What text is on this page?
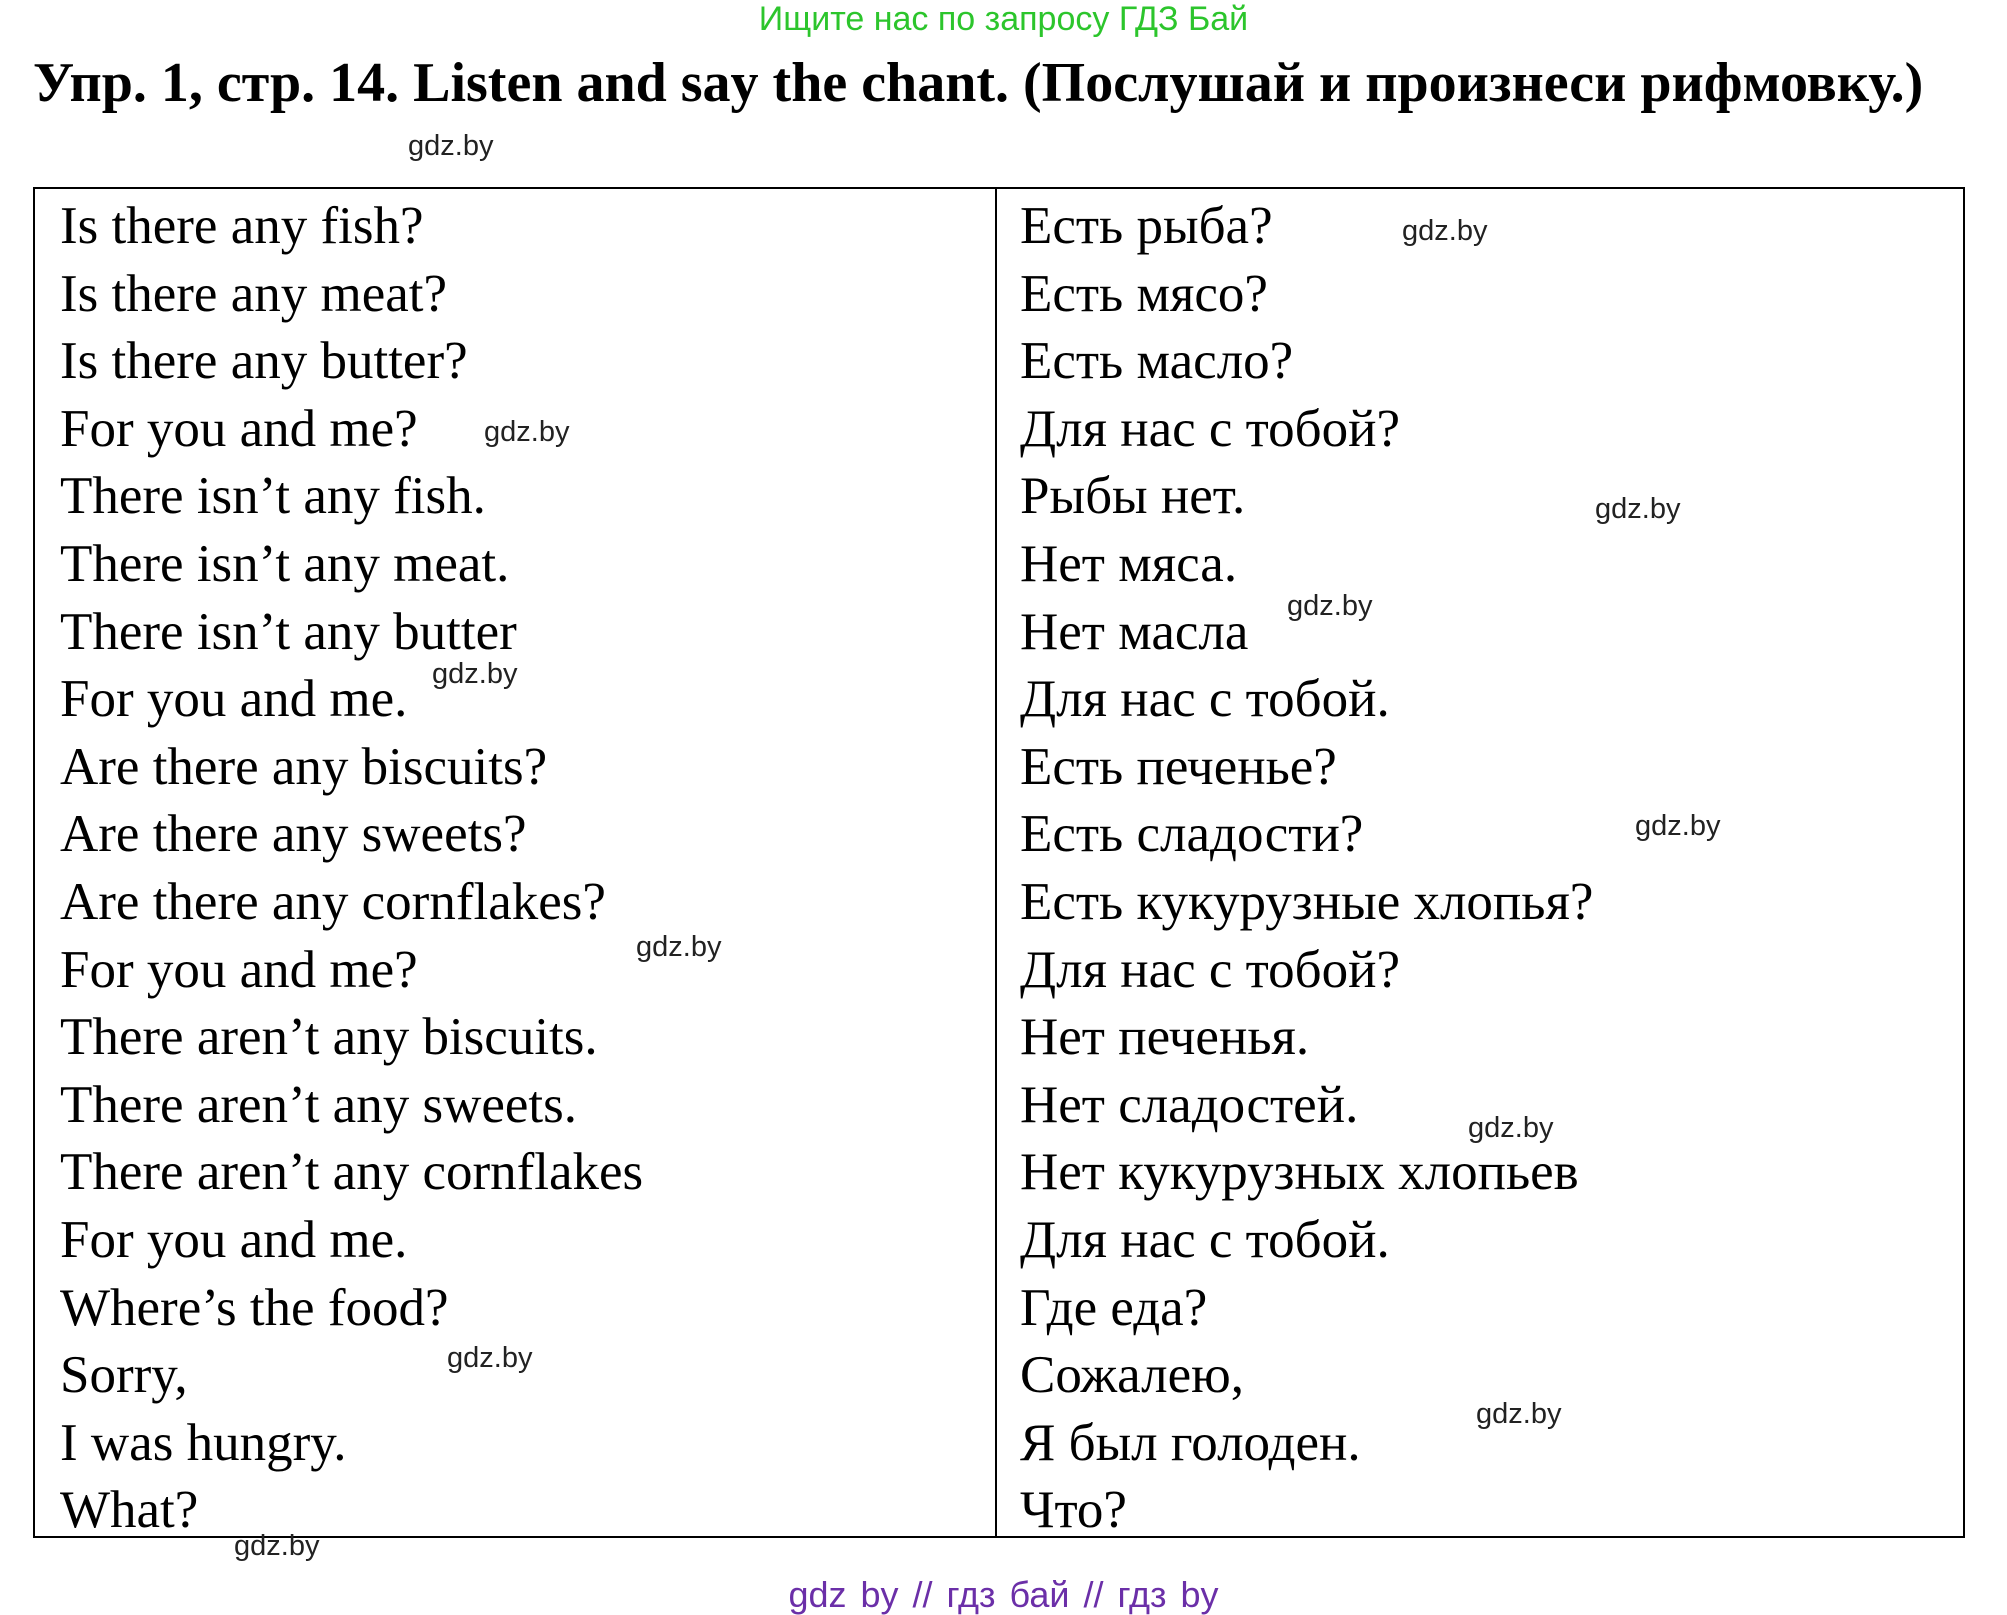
Ищите нас по запросу ГДЗ Бай
Упр. 1, стр. 14. Listen and say the chant. (Послушай и произнеси рифмовку.)
Is there any fish?
Is there any meat?
Is there any butter?
For you and me?
There isn’t any fish.
There isn’t any meat.
There isn’t any butter
For you and me.
Are there any biscuits?
Are there any sweets?
Are there any cornflakes?
For you and me?
There aren’t any biscuits.
There aren’t any sweets.
There aren’t any cornflakes
For you and me.
Where’s the food?
Sorry,
I was hungry.
What?
Есть рыба?
Есть мясо?
Есть масло?
Для нас с тобой?
Рыбы нет.
Нет мяса.
Нет масла
Для нас с тобой.
Есть печенье?
Есть сладости?
Есть кукурузные хлопья?
Для нас с тобой?
Нет печенья.
Нет сладостей.
Нет кукурузных хлопьев
Для нас с тобой.
Где еда?
Сожалею,
Я был голоден.
Что?
gdz.by
gdz.by
gdz.by
gdz.by
gdz.by
gdz.by
gdz.by
gdz.by
gdz.by
gdz.by
gdz.by
gdz.by
gdz by // гдз бай // гдз by
